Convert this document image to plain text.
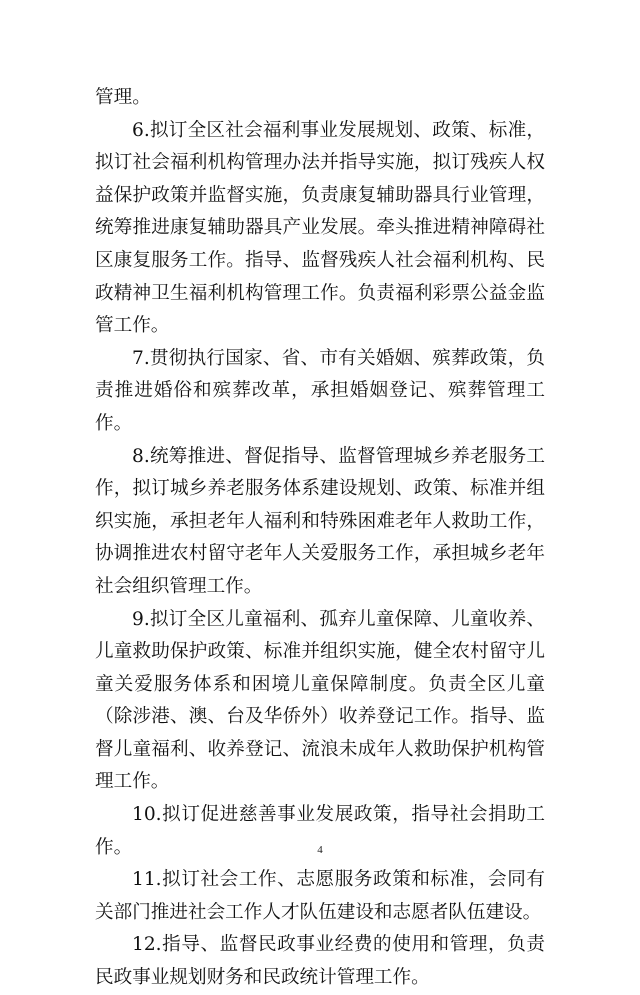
管理。

6.拟订全区社会福利事业发展规划、政策、标准，拟订社会福利机构管理办法并指导实施，拟订残疾人权益保护政策并监督实施，负责康复辅助器具行业管理，统筹推进康复辅助器具产业发展。牵头推进精神障碍社区康复服务工作。指导、监督残疾人社会福利机构、民政精神卫生福利机构管理工作。负责福利彩票公益金监管工作。

7.贯彻执行国家、省、市有关婚姻、殡葬政策，负责推进婚俗和殡葬改革，承担婚姻登记、殡葬管理工作。

8.统筹推进、督促指导、监督管理城乡养老服务工作，拟订城乡养老服务体系建设规划、政策、标准并组织实施，承担老年人福利和特殊困难老年人救助工作，协调推进农村留守老年人关爱服务工作，承担城乡老年社会组织管理工作。

9.拟订全区儿童福利、孤弃儿童保障、儿童收养、儿童救助保护政策、标准并组织实施，健全农村留守儿童关爱服务体系和困境儿童保障制度。负责全区儿童（除涉港、澳、台及华侨外）收养登记工作。指导、监督儿童福利、收养登记、流浪未成年人救助保护机构管理工作。

10.拟订促进慈善事业发展政策，指导社会捐助工作。

11.拟订社会工作、志愿服务政策和标准，会同有关部门推进社会工作人才队伍建设和志愿者队伍建设。

12.指导、监督民政事业经费的使用和管理，负责民政事业规划财务和民政统计管理工作。

4
